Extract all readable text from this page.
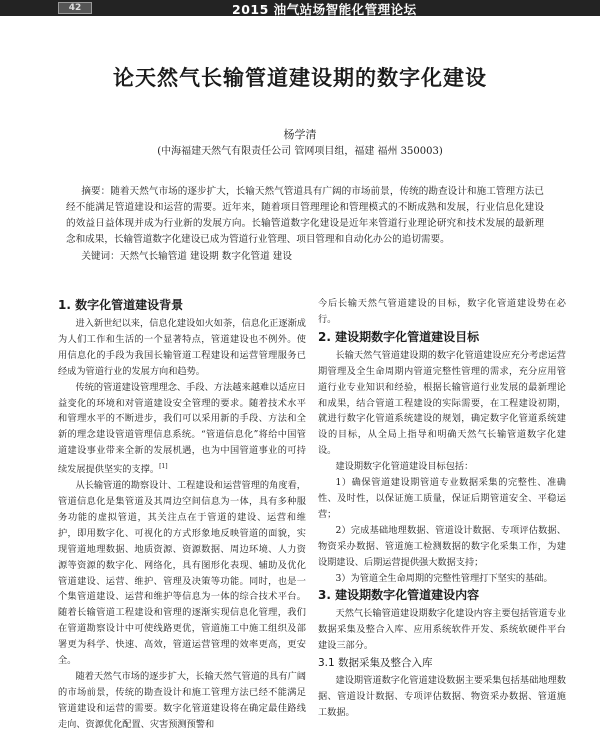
42	2015 油气站场智能化管理论坛
论天然气长输管道建设期的数字化建设
杨学清
(中海福建天然气有限责任公司 管网项目组，福建 福州 350003)
摘要：随着天然气市场的逐步扩大，长输天然气管道具有广阔的市场前景，传统的勘查设计和施工管理方法已经不能满足管道建设和运营的需要。近年来，随着项目管理理论和管理模式的不断成熟和发展，行业信息化建设的效益日益体现并成为行业新的发展方向。长输管道数字化建设是近年来管道行业理论研究和技术发展的最新理念和成果，长输管道数字化建设已成为管道行业管理、项目管理和自动化办公的追切需要。
关键词：天然气长输管道 建设期 数字化管道 建设
1. 数字化管道建设背景
进入新世纪以来，信息化建设如火如荼，信息化正逐渐成为人们工作和生活的一个显著特点，管道建设也不例外。使用信息化的手段为我国长输管道工程建设和运营管理服务已经成为管道行业的发展方向和趋势。
传统的管道建设管理理念、手段、方法越来越难以适应日益变化的环境和对管道建设安全管理的要求。随着技术水平和管理水平的不断进步，我们可以采用新的手段、方法和全新的理念建设管道管理信息系统。“管道信息化”将给中国管道建设事业带来全新的发展机遇，也为中国管道事业的可持续发展提供坚实的支撑。[1]
从长输管道的勘察设计、工程建设和运营管理的角度看，管道信息化是集管道及其周边空间信息为一体，具有多种服务功能的虚拟管道，其关注点在于管道的建设、运营和维护，即用数字化、可视化的方式形象地反映管道的面貌，实现管道地理数据、地质资源、资源数据、周边环境、人力资源等资源的数字化、网络化，具有图形化表现、辅助及优化管道建设、运营、维护、管理及决策等功能。同时，也是一个集管道建设、运营和维护等信息为一体的综合技术平台。随着长输管道工程建设和管理的逐渐实现信息化管理，我们在管道勘察设计中可使线路更优，管道施工中施工组织及部署更为科学、快速、高效，管道运营管理的效率更高，更安全。
随着天然气市场的逐步扩大，长输天然气管道的具有广阔的市场前景，传统的勘查设计和施工管理方法已经不能满足管道建设和运营的需要。数字化管道建设将在确定最佳路线走向、资源优化配置、灾害预测预警和
今后长输天然气管道建设的目标，数字化管道建设势在必行。
2. 建设期数字化管道建设目标
长输天然气管道建设期的数字化管道建设应充分考虑运营期管理及全生命周期内管道完整性管理的需求，充分应用管道行业专业知识和经验，根据长输管道行业发展的最新理论和成果，结合管道工程建设的实际需要，在工程建设初期，就进行数字化管道系统建设的规划，确定数字化管道系统建设的目标，从全局上指导和明确天然气长输管道数字化建设。
建设期数字化管道建设目标包括：
1）确保管道建设期管道专业数据采集的完整性、准确性、及时性，以保证施工质量，保证后期管道安全、平稳运营；
2）完成基础地理数据、管道设计数据、专项评估数据、物资采办数据、管道施工检测数据的数字化采集工作，为建设期建设、后期运营提供强大数据支持；
3）为管道全生命周期的完整性管理打下坚实的基础。
3. 建设期数字化管道建设内容
天然气长输管道建设期数字化建设内容主要包括管道专业数据采集及整合入库、应用系统软件开发、系统软硬件平台建设三部分。
3.1 数据采集及整合入库
建设期管道数字化管道建设数据主要采集包括基础地理数据、管道设计数据、专项评估数据、物资采办数据、管道施工数据。
